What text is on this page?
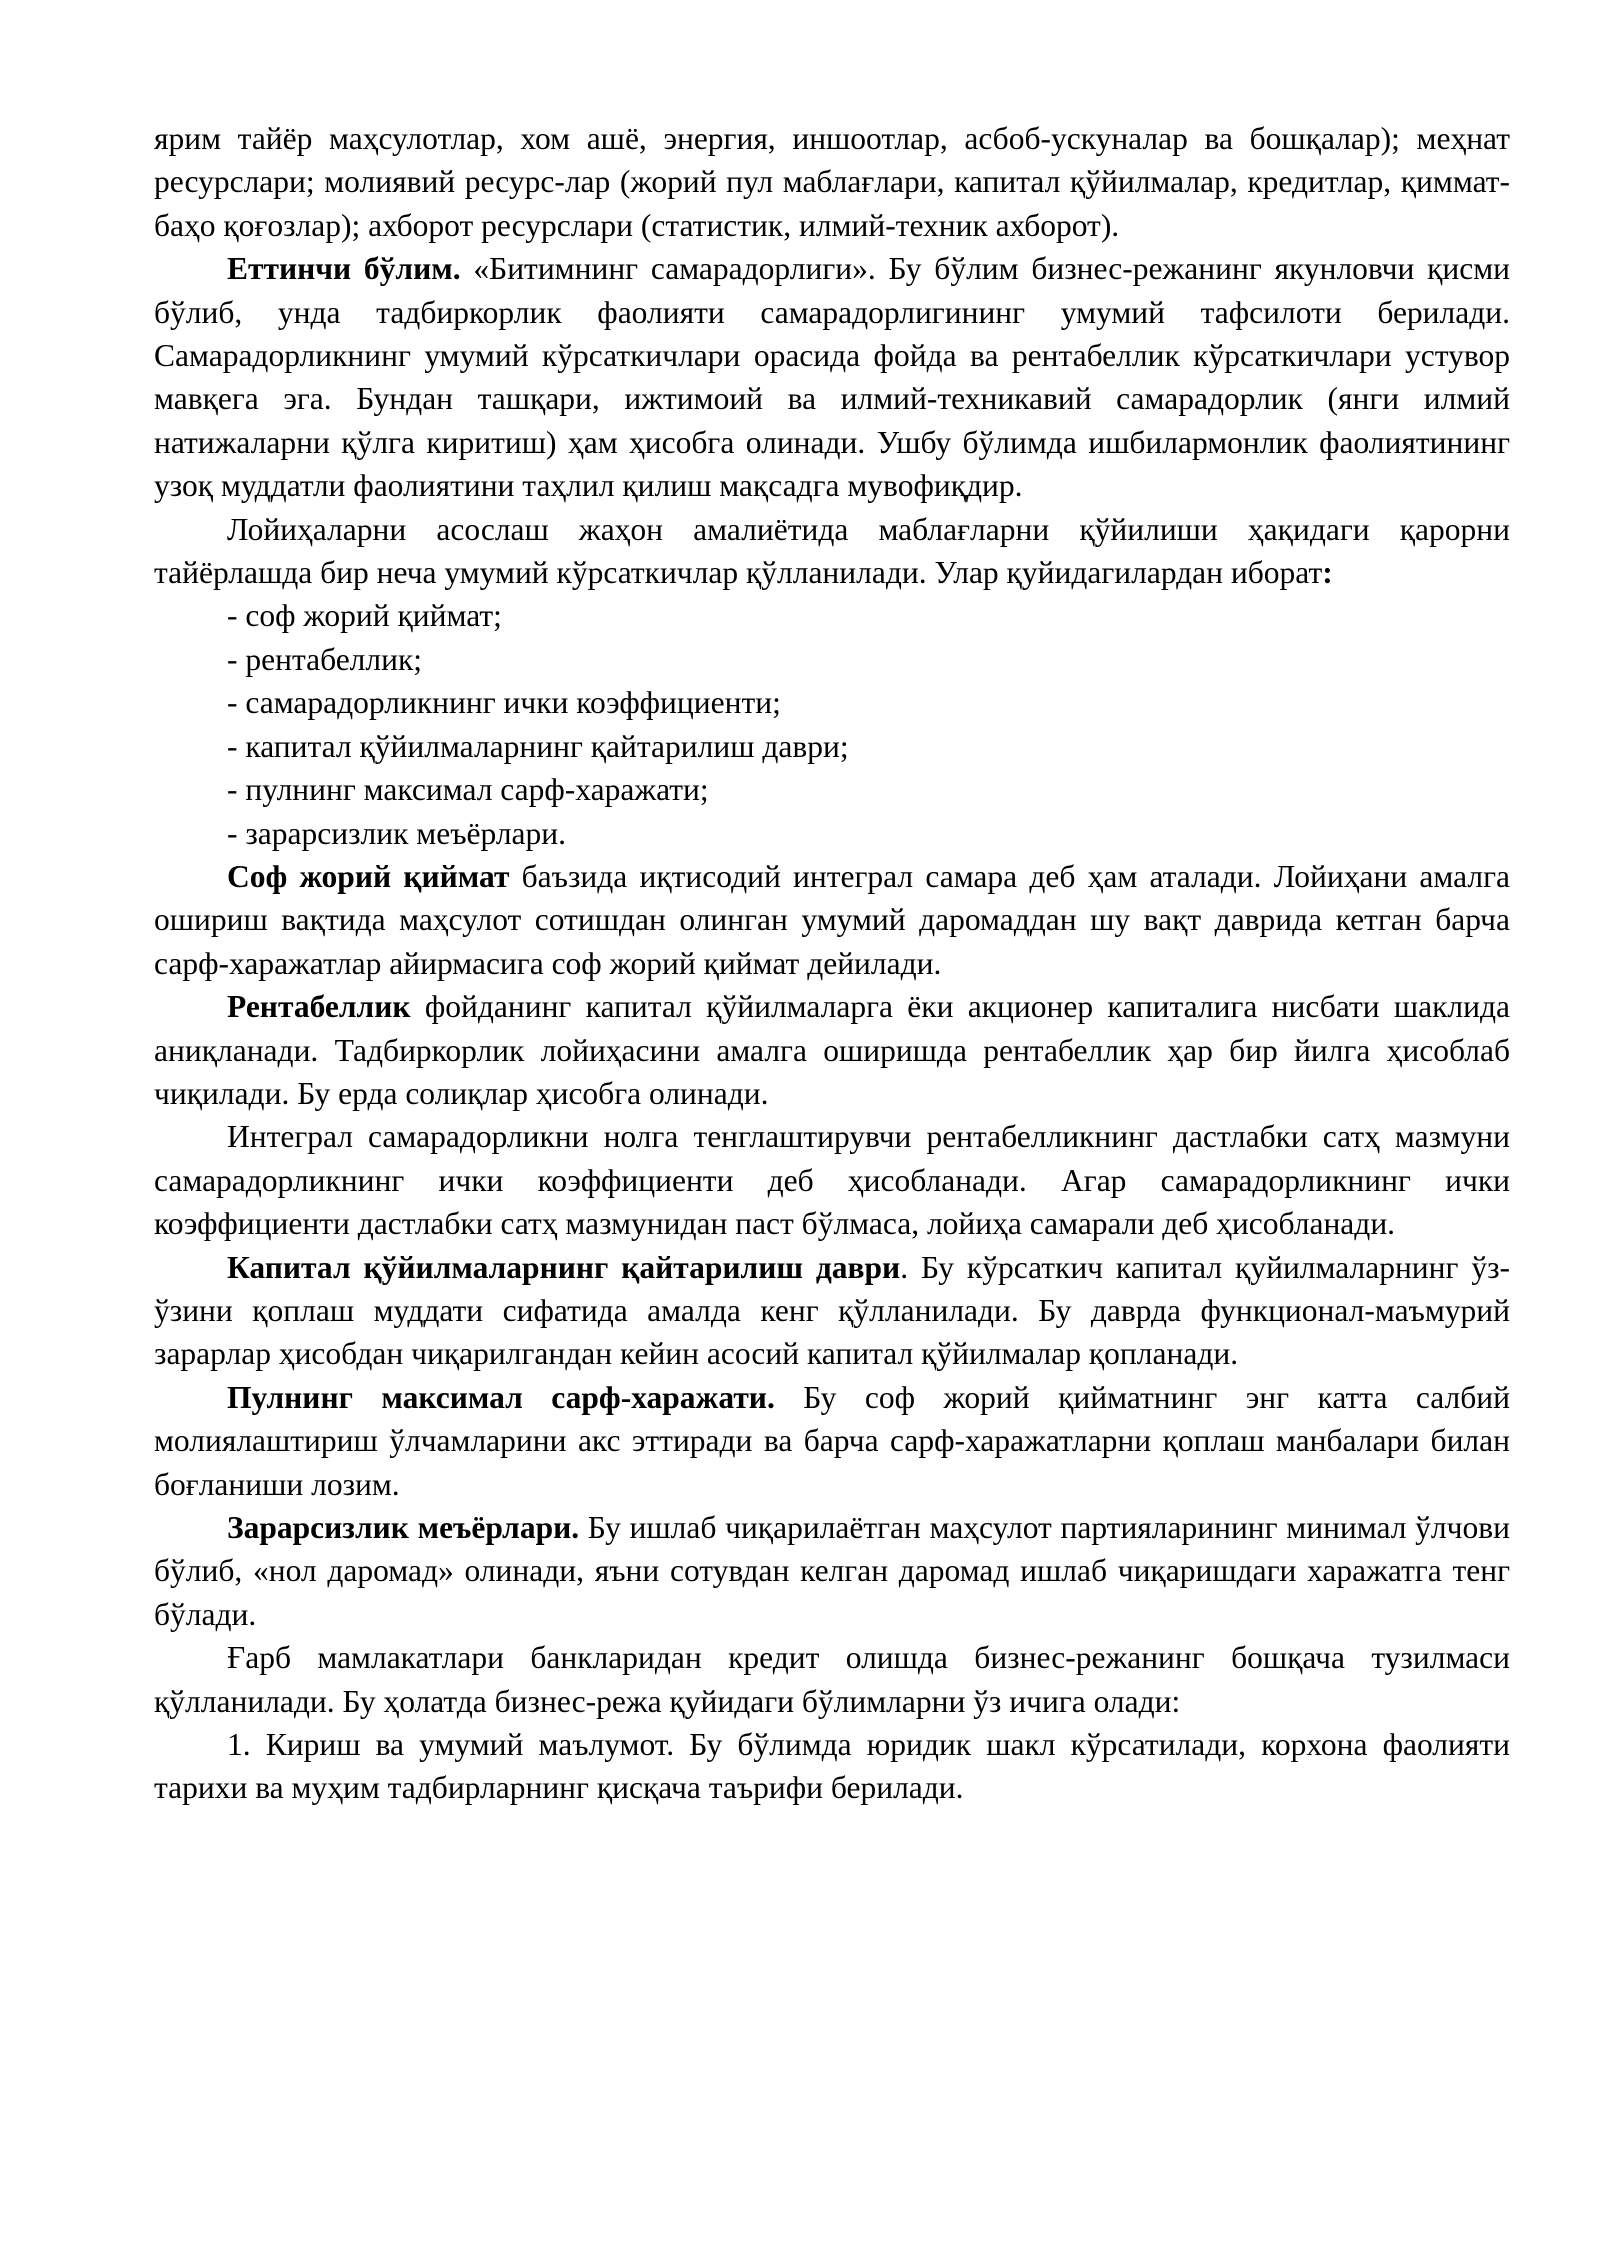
ярим тайёр маҳсулотлар, хом ашё, энергия, иншоотлар, асбоб-ускуналар ва бошқалар); меҳнат ресурслари; молиявий ресурс-лар (жорий пул маблағлари, капитал қўйилмалар, кредитлар, қиммат-баҳо қоғозлар); ахборот ресурслари (статистик, илмий-техник ахборот).

Еттинчи бўлим. «Битимнинг самарадорлиги». Бу бўлим бизнес-режанинг якунловчи қисми бўлиб, унда тадбиркорлик фаолияти самарадорлигининг умумий тафсилоти берилади. Самарадорликнинг умумий кўрсаткичлари орасида фойда ва рентабеллик кўрсаткичлари устувор мавқега эга. Бундан ташқари, ижтимоий ва илмий-техникавий самарадорлик (янги илмий натижаларни қўлга киритиш) ҳам ҳисобга олинади. Ушбу бўлимда ишбилармонлик фаолиятининг узоқ муддатли фаолиятини таҳлил қилиш мақсадга мувофиқдир.

Лойиҳаларни асослаш жаҳон амалиётида маблағларни қўйилиши ҳақидаги қарорни тайёрлашда бир неча умумий кўрсаткичлар қўлланилади. Улар қуйидагилардан иборат:

- соф жорий қиймат;
- рентабеллик;
- самарадорликнинг ички коэффициенти;
- капитал қўйилмаларнинг қайтарилиш даври;
- пулнинг максимал сарф-харажати;
- зарарсизлик меъёрлари.

Соф жорий қиймат баъзида иқтисодий интеграл самара деб ҳам аталади. Лойиҳани амалга ошириш вақтида маҳсулот сотишдан олинган умумий даромаддан шу вақт даврида кетган барча сарф-харажатлар айирмасига соф жорий қиймат дейилади.

Рентабеллик фойданинг капитал қўйилмаларга ёки акционер капиталига нисбати шаклида аниқланади. Тадбиркорлик лойиҳасини амалга оширишда рентабеллик ҳар бир йилга ҳисоблаб чиқилади. Бу ерда солиқлар ҳисобга олинади.

Интеграл самарадорликни нолга тенглаштирувчи рентабелликнинг дастлабки сатҳ мазмуни самарадорликнинг ички коэффициенти деб ҳисобланади. Агар самарадорликнинг ички коэффициенти дастлабки сатҳ мазмунидан паст бўлмаса, лойиҳа самарали деб ҳисобланади.

Капитал қўйилмаларнинг қайтарилиш даври. Бу кўрсаткич капитал қуйилмаларнинг ўз-ўзини қоплаш муддати сифатида амалда кенг қўлланилади. Бу даврда функционал-маъмурий зарарлар ҳисобдан чиқарилгандан кейин асосий капитал қўйилмалар қопланади.

Пулнинг максимал сарф-харажати. Бу соф жорий қийматнинг энг катта салбий молиялаштириш ўлчамларини акс эттиради ва барча сарф-харажатларни қоплаш манбалари билан боғланиши лозим.

Зарарсизлик меъёрлари. Бу ишлаб чиқарилаётган маҳсулот партияларининг минимал ўлчови бўлиб, «нол даромад» олинади, яъни сотувдан келган даромад ишлаб чиқаришдаги харажатга тенг бўлади.

Ғарб мамлакатлари банкларидан кредит олишда бизнес-режанинг бошқача тузилмаси қўлланилади. Бу ҳолатда бизнес-режа қуйидаги бўлимларни ўз ичига олади:

1. Кириш ва умумий маълумот. Бу бўлимда юридик шакл кўрсатилади, корхона фаолияти тарихи ва муҳим тадбирларнинг қисқача таърифи берилади.
